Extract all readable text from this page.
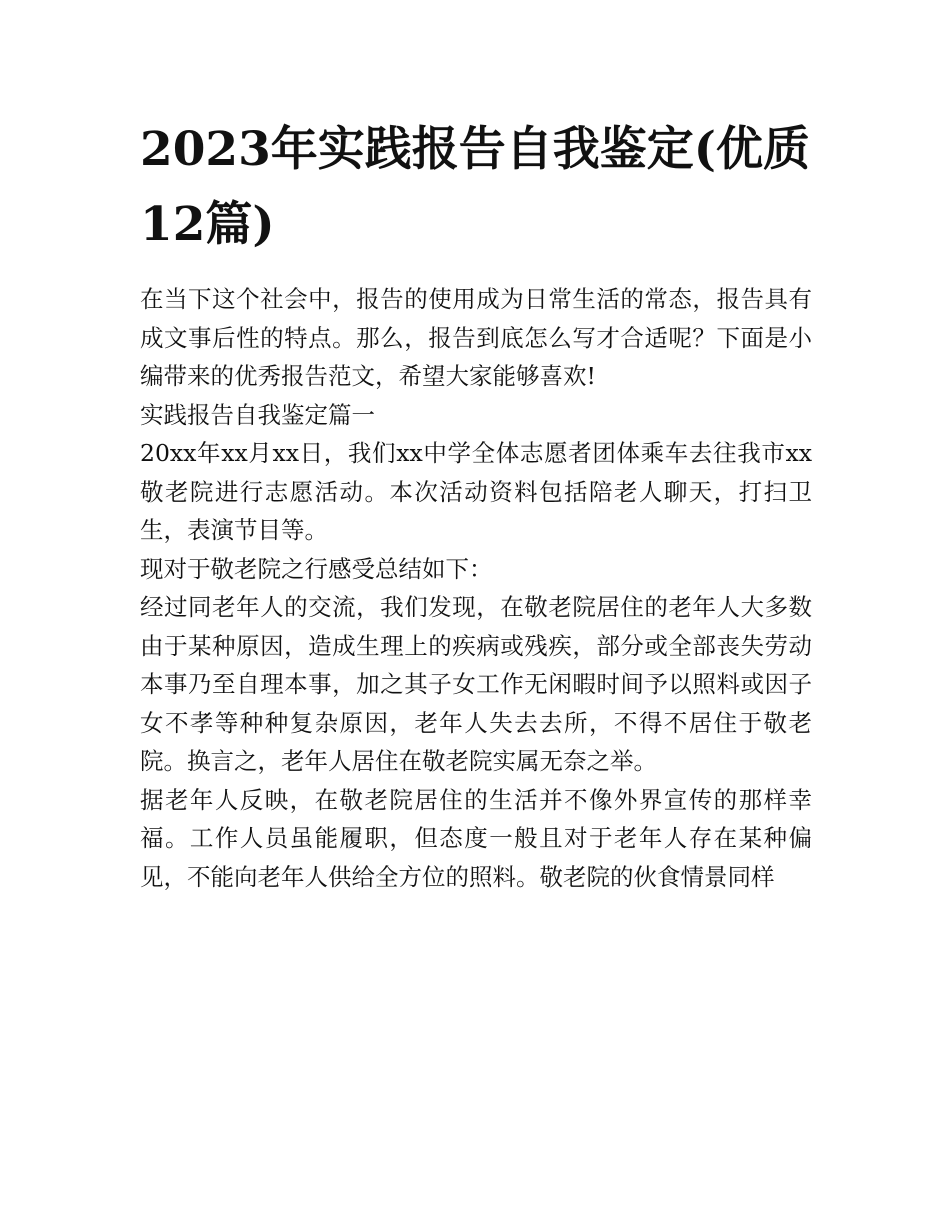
2023年实践报告自我鉴定(优质12篇)

在当下这个社会中，报告的使用成为日常生活的常态，报告具有成文事后性的特点。那么，报告到底怎么写才合适呢？下面是小编带来的优秀报告范文，希望大家能够喜欢!

实践报告自我鉴定篇一

20xx年xx月xx日，我们xx中学全体志愿者团体乘车去往我市xx敬老院进行志愿活动。本次活动资料包括陪老人聊天，打扫卫生，表演节目等。

现对于敬老院之行感受总结如下：

经过同老年人的交流，我们发现，在敬老院居住的老年人大多数由于某种原因，造成生理上的疾病或残疾，部分或全部丧失劳动本事乃至自理本事，加之其子女工作无闲暇时间予以照料或因子女不孝等种种复杂原因，老年人失去去所，不得不居住于敬老院。换言之，老年人居住在敬老院实属无奈之举。

据老年人反映，在敬老院居住的生活并不像外界宣传的那样幸福。工作人员虽能履职，但态度一般且对于老年人存在某种偏见，不能向老年人供给全方位的照料。敬老院的伙食情景同样
